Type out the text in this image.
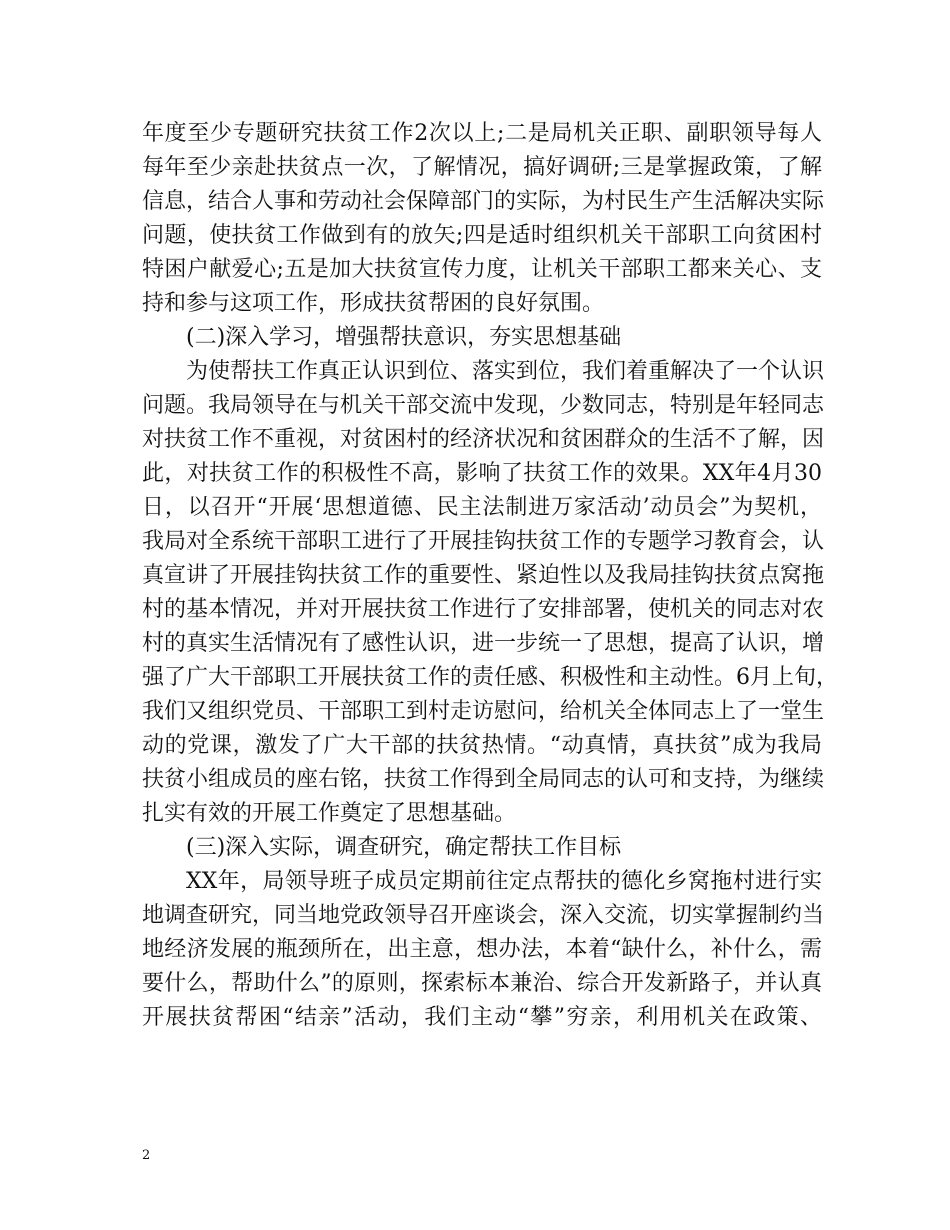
年度至少专题研究扶贫工作2次以上;二是局机关正职、副职领导每人
每年至少亲赴扶贫点一次，了解情况，搞好调研;三是掌握政策，了解
信息，结合人事和劳动社会保障部门的实际，为村民生产生活解决实际
问题，使扶贫工作做到有的放矢;四是适时组织机关干部职工向贫困村
特困户献爱心;五是加大扶贫宣传力度，让机关干部职工都来关心、支
持和参与这项工作，形成扶贫帮困的良好氛围。
(二)深入学习，增强帮扶意识，夯实思想基础
为使帮扶工作真正认识到位、落实到位，我们着重解决了一个认识
问题。我局领导在与机关干部交流中发现，少数同志，特别是年轻同志
对扶贫工作不重视，对贫困村的经济状况和贫困群众的生活不了解，因
此，对扶贫工作的积极性不高，影响了扶贫工作的效果。XX年4月30
日，以召开“开展‘思想道德、民主法制进万家活动’动员会”为契机，
我局对全系统干部职工进行了开展挂钩扶贫工作的专题学习教育会，认
真宣讲了开展挂钩扶贫工作的重要性、紧迫性以及我局挂钩扶贫点窝拖
村的基本情况，并对开展扶贫工作进行了安排部署，使机关的同志对农
村的真实生活情况有了感性认识，进一步统一了思想，提高了认识，增
强了广大干部职工开展扶贫工作的责任感、积极性和主动性。6月上旬，
我们又组织党员、干部职工到村走访慰问，给机关全体同志上了一堂生
动的党课，激发了广大干部的扶贫热情。“动真情，真扶贫”成为我局
扶贫小组成员的座右铭，扶贫工作得到全局同志的认可和支持，为继续
扎实有效的开展工作奠定了思想基础。
(三)深入实际，调查研究，确定帮扶工作目标
XX年，局领导班子成员定期前往定点帮扶的德化乡窝拖村进行实
地调查研究，同当地党政领导召开座谈会，深入交流，切实掌握制约当
地经济发展的瓶颈所在，出主意，想办法，本着“缺什么，补什么，需
要什么，帮助什么”的原则，探索标本兼治、综合开发新路子，并认真
开展扶贫帮困“结亲”活动，我们主动“攀”穷亲，利用机关在政策、
2
